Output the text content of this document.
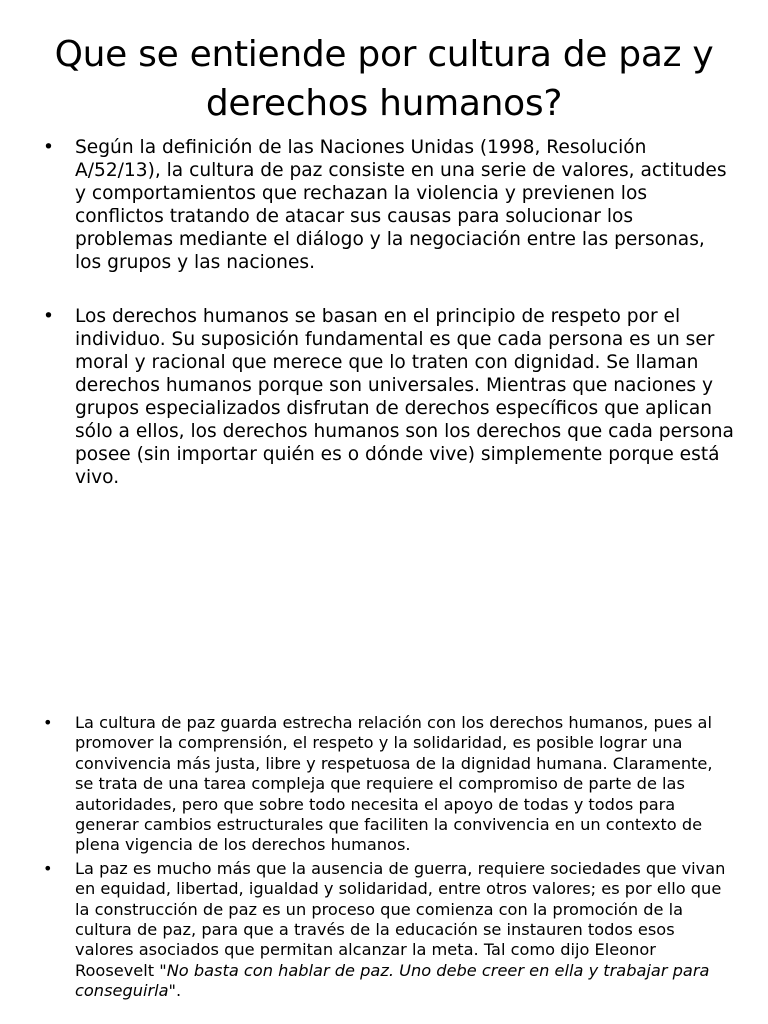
Que se entiende por cultura de paz y derechos humanos?
• Según la definición de las Naciones Unidas (1998, Resolución A/52/13), la cultura de paz consiste en una serie de valores, actitudes y comportamientos que rechazan la violencia y previenen los conflictos tratando de atacar sus causas para solucionar los problemas mediante el diálogo y la negociación entre las personas, los grupos y las naciones.
• Los derechos humanos se basan en el principio de respeto por el individuo. Su suposición fundamental es que cada persona es un ser moral y racional que merece que lo traten con dignidad. Se llaman derechos humanos porque son universales. Mientras que naciones y grupos especializados disfrutan de derechos específicos que aplican sólo a ellos, los derechos humanos son los derechos que cada persona posee (sin importar quién es o dónde vive) simplemente porque está vivo.
• La cultura de paz guarda estrecha relación con los derechos humanos, pues al promover la comprensión, el respeto y la solidaridad, es posible lograr una convivencia más justa, libre y respetuosa de la dignidad humana. Claramente, se trata de una tarea compleja que requiere el compromiso de parte de las autoridades, pero que sobre todo necesita el apoyo de todas y todos para generar cambios estructurales que faciliten la convivencia en un contexto de plena vigencia de los derechos humanos.
• La paz es mucho más que la ausencia de guerra, requiere sociedades que vivan en equidad, libertad, igualdad y solidaridad, entre otros valores; es por ello que la construcción de paz es un proceso que comienza con la promoción de la cultura de paz, para que a través de la educación se instauren todos esos valores asociados que permitan alcanzar la meta. Tal como dijo Eleonor Roosevelt "No basta con hablar de paz. Uno debe creer en ella y trabajar para conseguirla".
